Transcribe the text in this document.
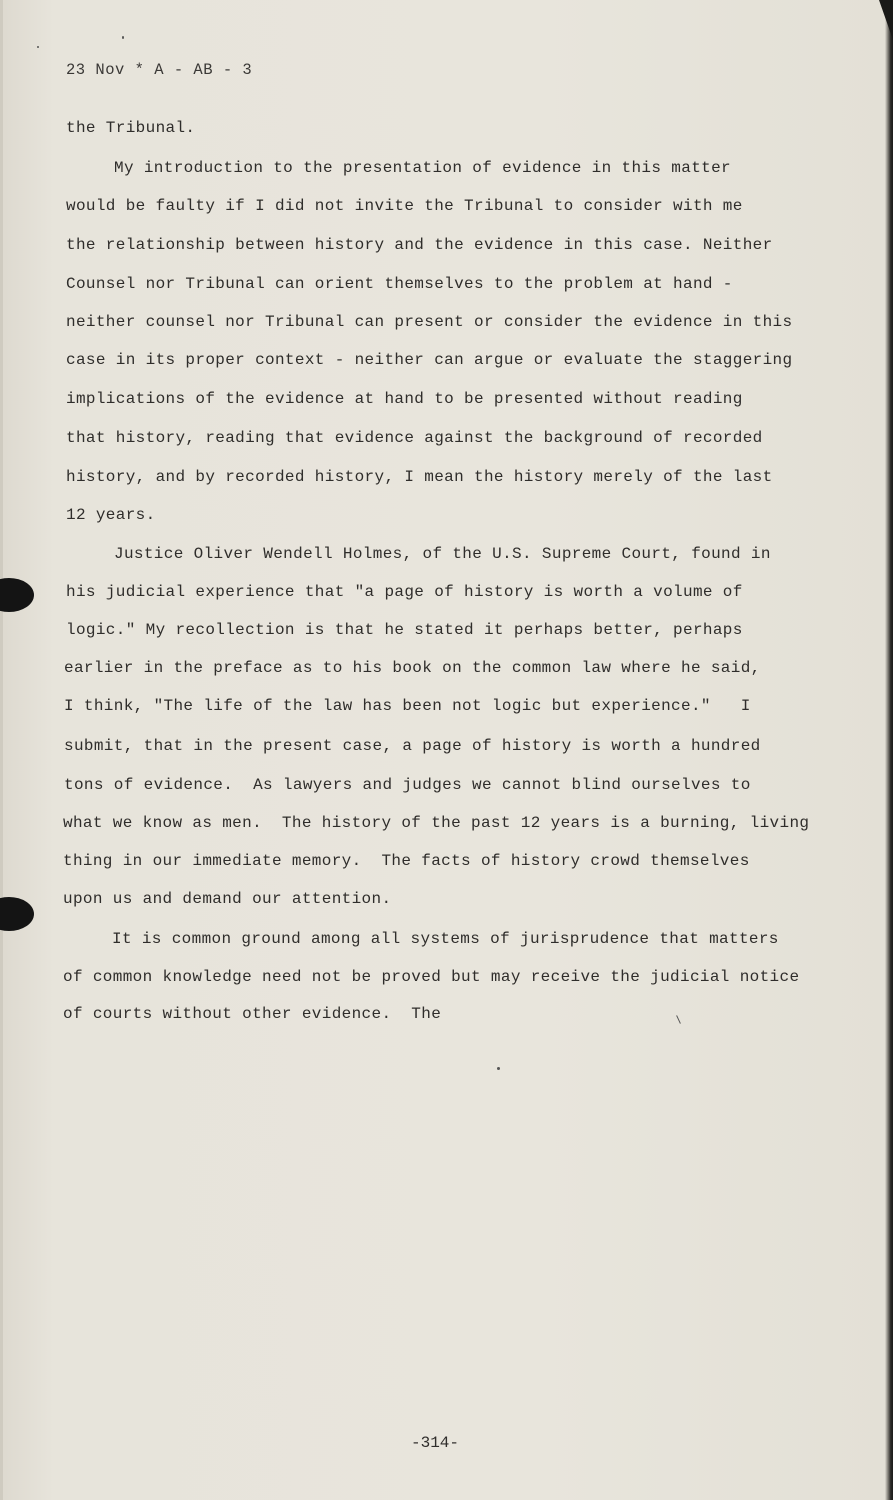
23 Nov * A - AB - 3
the Tribunal.
My introduction to the presentation of evidence in this matter
would be faulty if I did not invite the Tribunal to consider with me
the relationship between history and the evidence in this case. Neither
Counsel nor Tribunal can orient themselves to the problem at hand -
neither counsel nor Tribunal can present or consider the evidence in this
case in its proper context - neither can argue or evaluate the staggering
implications of the evidence at hand to be presented without reading
that history, reading that evidence against the background of recorded
history, and by recorded history, I mean the history merely of the last
12 years.
Justice Oliver Wendell Holmes, of the U.S. Supreme Court, found in
his judicial experience that "a page of history is worth a volume of
logic." My recollection is that he stated it perhaps better, perhaps
earlier in the preface as to his book on the common law where he said,
I think, "The life of the law has been not logic but experience."   I
submit, that in the present case, a page of history is worth a hundred
tons of evidence.  As lawyers and judges we cannot blind ourselves to
what we know as men.  The history of the past 12 years is a burning, living
thing in our immediate memory.  The facts of history crowd themselves
upon us and demand our attention.
It is common ground among all systems of jurisprudence that matters
of common knowledge need not be proved but may receive the judicial notice
of courts without other evidence.  The
-314-
